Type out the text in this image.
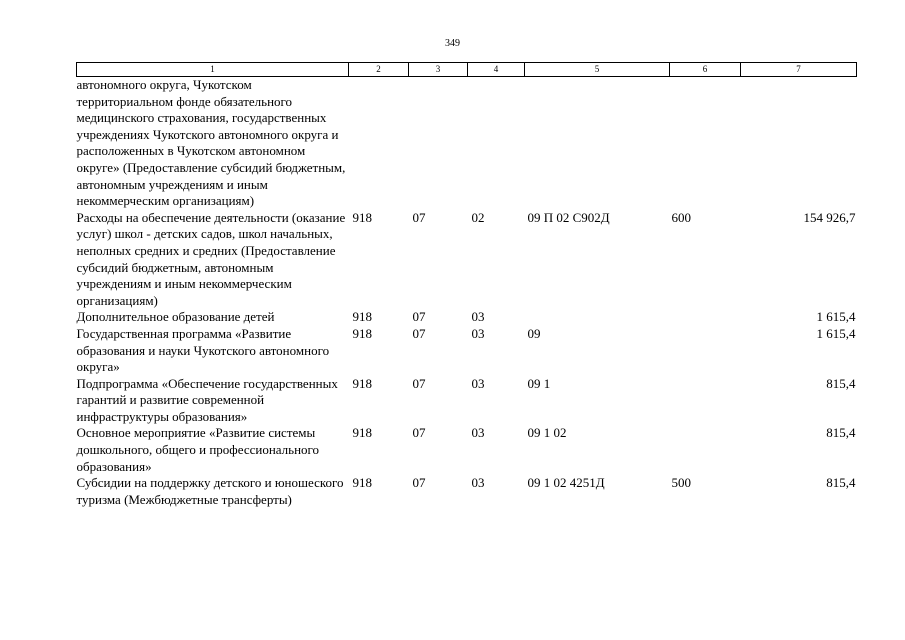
349
1	2	3	4	5	6	7
автономного округа, Чукотском территориальном фонде обязательного медицинского страхования, государственных учреждениях Чукотского автономного округа и расположенных в Чукотском автономном округе» (Предоставление субсидий бюджетным, автономным учреждениям и иным некоммерческим организациям)						
Расходы на обеспечение деятельности (оказание услуг) школ - детских садов, школ начальных, неполных средних и средних (Предоставление субсидий бюджетным, автономным учреждениям и иным некоммерческим организациям)	918	07	02	09 П 02 С902Д	600	154 926,7
Дополнительное образование детей	918	07	03			1 615,4
Государственная программа «Развитие образования и науки Чукотского автономного округа»	918	07	03	09		1 615,4
Подпрограмма «Обеспечение государственных гарантий и развитие современной инфраструктуры образования»	918	07	03	09 1		815,4
Основное мероприятие «Развитие системы дошкольного, общего и профессионального образования»	918	07	03	09 1 02		815,4
Субсидии на поддержку детского и юношеского туризма (Межбюджетные трансферты)	918	07	03	09 1 02 4251Д	500	815,4
